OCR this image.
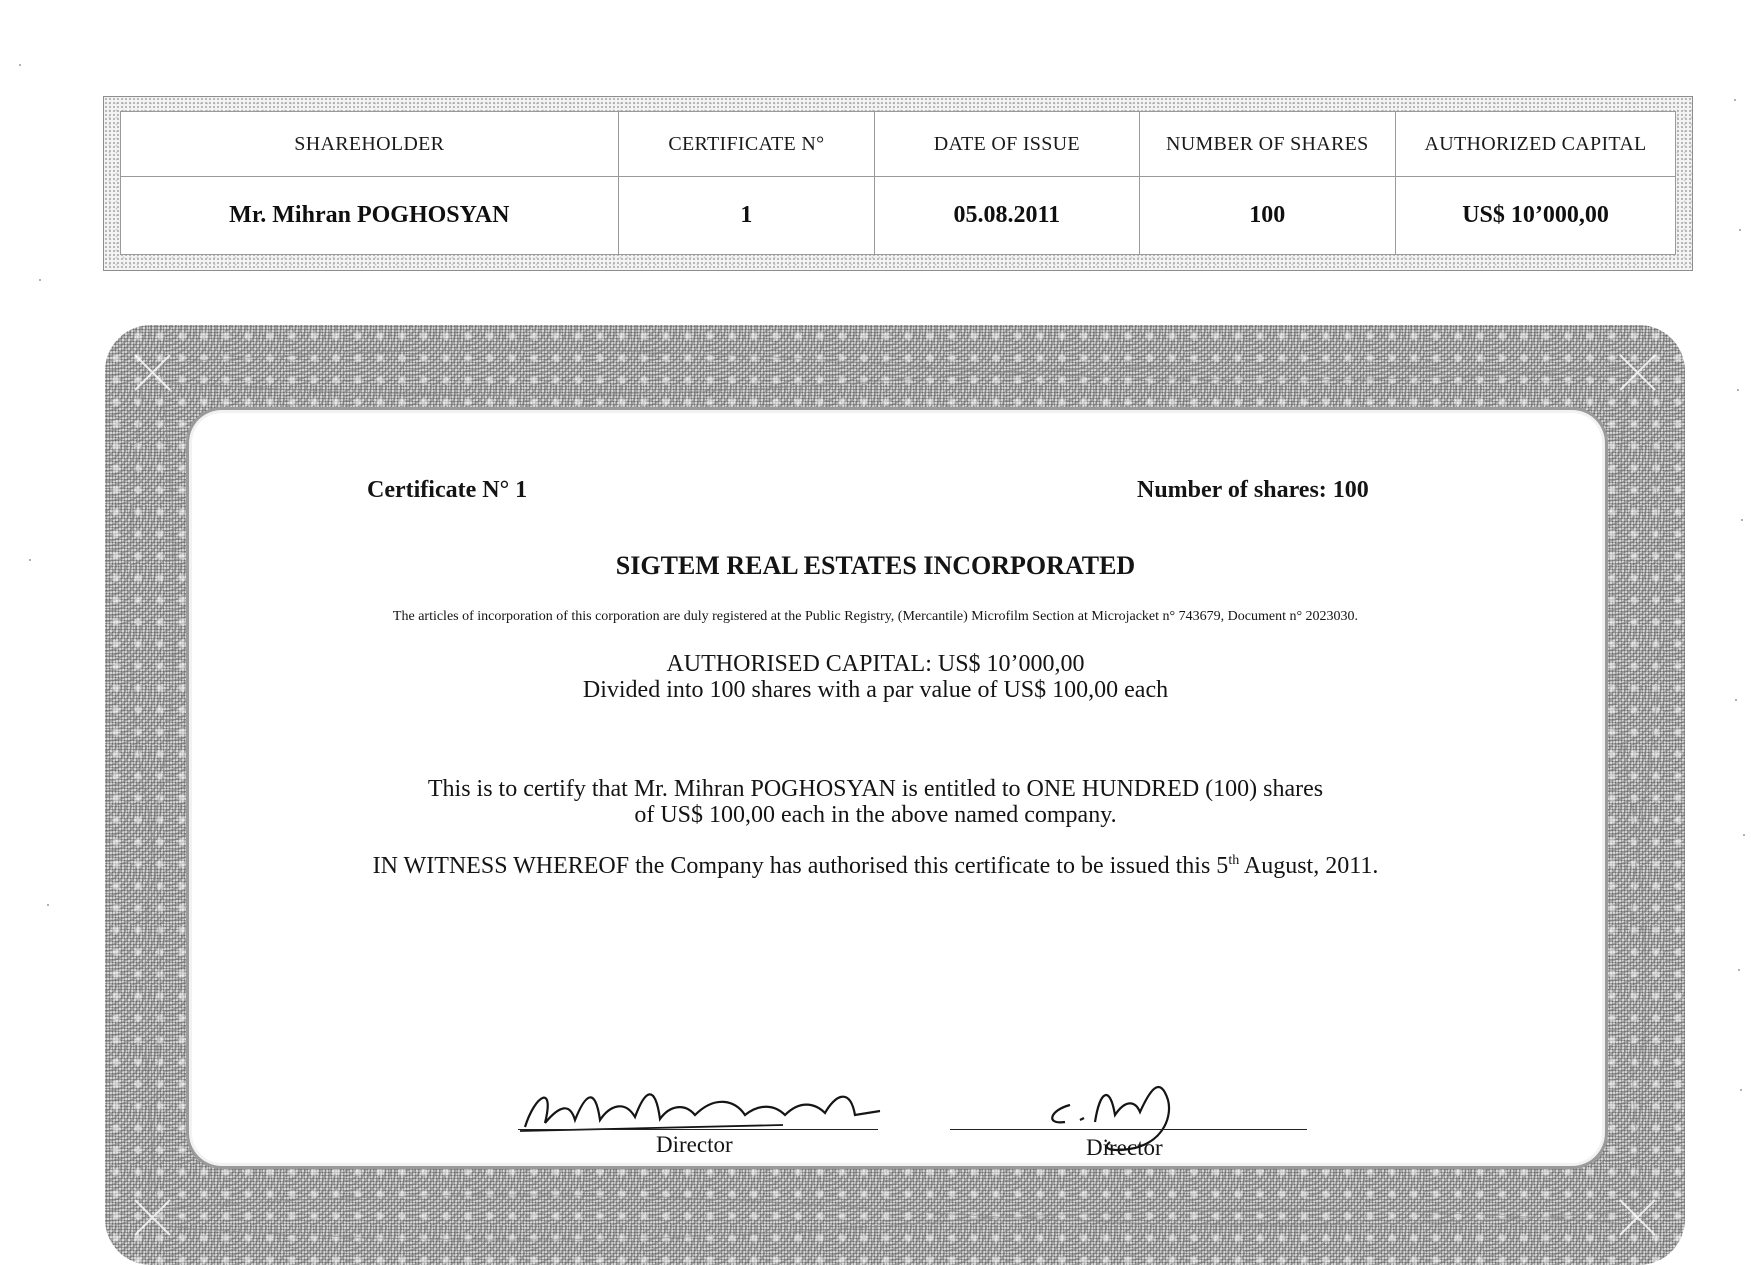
SHAREHOLDER	CERTIFICATE N°	DATE OF ISSUE	NUMBER OF SHARES	AUTHORIZED CAPITAL
Mr. Mihran POGHOSYAN	1	05.08.2011	100	US$ 10’000,00
Certificate N° 1	Number of shares: 100
SIGTEM REAL ESTATES INCORPORATED
The articles of incorporation of this corporation are duly registered at the Public Registry, (Mercantile) Microfilm Section at Microjacket n° 743679, Document n° 2023030.
AUTHORISED CAPITAL: US$ 10’000,00
Divided into 100 shares with a par value of US$ 100,00 each
This is to certify that Mr. Mihran POGHOSYAN is entitled to ONE HUNDRED (100) shares
of US$ 100,00 each in the above named company.
IN WITNESS WHEREOF the Company has authorised this certificate to be issued this 5th August, 2011.
Director	Director
